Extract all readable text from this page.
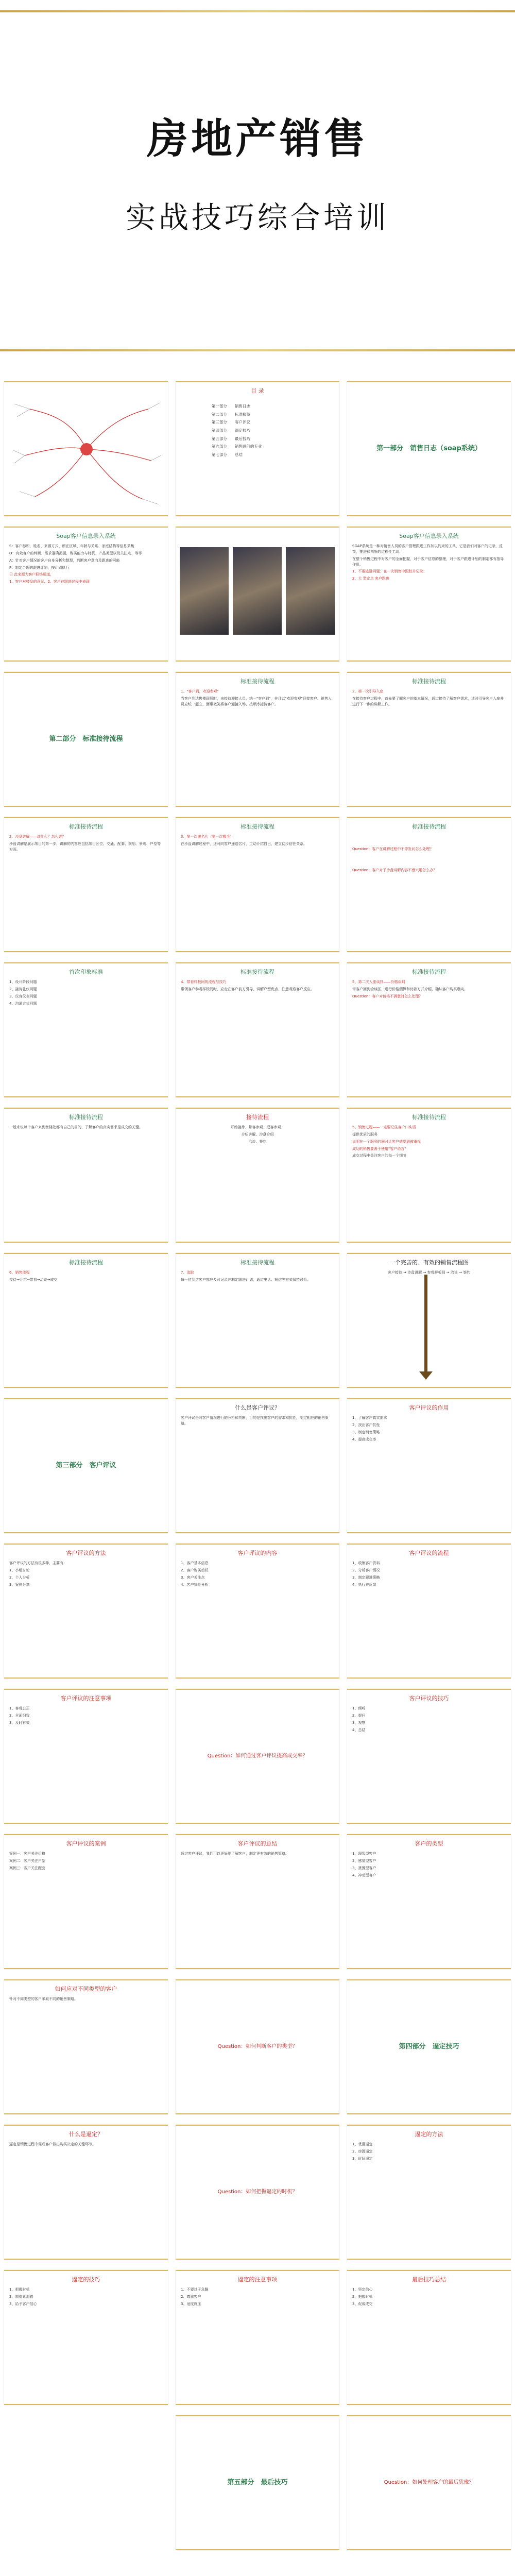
房地产销售
实战技巧综合培训
目 录

第一部分　　销售日志

第二部分　　标准接待

第三部分　　客户评议

第四部分　　逼定技巧

第五部分　　最后技巧

第六部分　　销售顾问的专业

第七部分　　总结

第一部分　销售日志（soap系统）
Soap客户信息录入系统

S：客户标识，姓名、来源方式、所在区域、年龄与关系、家庭结构等信息采集

O：有效客户的判断、需求准确把握，购买能力与时机、产品类型以及关注点、等等

A：针对客户情况的客户自身分析和整理，判断客户意向及跟进的可能

P：制定合理的跟进计划，按计划执行

日 此来源为客户联络通道，

1、客户对楼盘的意见、2、客户在跟进过程中表现

Soap客户信息录入系统

SOAP系统是一种对销售人员的客户管理跟进工作加以约束的工具，它是我们对客户的记录，反馈，推进和判断的过程性工具；

在整个销售过程中对客户的全面把握，对于客户信息的整理，对于客户跟进计划的制定都有指导作用。

1、不要逃避问题；在一次销售中跟踪并记录；

2、大 型定点 客户跟进

第二部分　标准接待流程
标准接待流程

1、"客户到，欢迎参观"

当客户到达售楼现场时，由接待迎接人员，统一"客户到"，并且以"欢迎参观"迎接客户。销售人员应统一起立，面带微笑将客户迎接入场，按顺序接待客户。

标准接待流程

2、第一次引导入座

在接待客户过程中，首先要了解客户的基本情况，通过接待了解客户需求，适时引导客户入座并进行下一步的讲解工作。

标准接待流程

2、沙盘讲解——讲什么？怎么讲？

沙盘讲解是展示项目的第一步，讲解的内容应包括项目区位、交通、配套、规划、景观、户型等方面。

标准接待流程

3、第一次递名片（第一次握手）

在沙盘讲解过程中，适时向客户递送名片，主动介绍自己，建立初步信任关系。

标准接待流程

Question：客户在讲解过程中不停发问怎么处理？

Question：客户对于沙盘讲解内容不感兴趣怎么办？

首次印象标准

1、设计阶段问题

2、接待礼仪问题

3、仪容仪表问题

4、沟通方式问题

标准接待流程

4、带看样板间的流程与技巧

带领客户参观样板间时，应走在客户前方引导，讲解户型优点，注意观察客户反应。

标准接待流程

5、第二次入座谈判——价格谈判

带客户回到洽谈区，进行价格测算和付款方式介绍，确认客户购买意向。

Question：客户对价格不满意时怎么处理？

标准接待流程

一般来说每个客户来到售楼处都有自己的目的，了解客户的真实需求是成交的关键。

接待流程

开始接待、带客参观、逛客参观、

介绍讲解、沙盘介绍

洽谈、签约

标准接待流程

5、销售过程——一定要记住客户口头语

提供优质的服务

说明在一个服务的同时让客户感觉到被重视

成功的销售要善于使用"客户语言"

成交过程中关注客户的每一个细节

标准接待流程

6、销售流程

接待→介绍→带看→洽谈→成交

标准接待流程

7、追踪

每一位到访客户都应及时记录并制定跟进计划，通过电话、短信等方式保持联系。

一个完善的、有效的销售流程图

客户接待 → 沙盘讲解 → 参观样板间 → 洽谈 → 签约

第三部分　客户评议
什么是客户评议？

客户评议是对客户情况进行的分析和判断，目的是找出客户的需求和抗性，制定相应的销售策略。

客户评议的作用

1、了解客户真实需求

2、找出客户抗性

3、制定销售策略

4、提高成交率

客户评议的方法

客户评议的方法有很多种，主要有：

1、小组讨论

2、个人分析

3、案例分享

客户评议的内容

1、客户基本信息

2、客户购买动机

3、客户关注点

4、客户抗性分析

客户评议的流程

1、收集客户资料

2、分析客户情况

3、制定跟进策略

4、执行并反馈

客户评议的注意事项

1、客观公正

2、全面细致

3、及时有效

Question：如何通过客户评议提高成交率？
客户评议的技巧

1、倾听

2、提问

3、观察

4、总结

客户评议的案例

案例一：客户关注价格

案例二：客户关注户型

案例三：客户关注配套

客户评议的总结

通过客户评议，我们可以更好地了解客户，制定更有效的销售策略。

客户的类型

1、理智型客户

2、感情型客户

3、犹豫型客户

4、冲动型客户

如何应对不同类型的客户

针对不同类型的客户采取不同的销售策略。

Question：如何判断客户的类型？	第四部分　逼定技巧
什么是逼定？

逼定是销售过程中促成客户做出购买决定的关键环节。

Question：如何把握逼定的时机？
逼定的方法

1、优惠逼定

2、房源逼定

3、时间逼定

逼定的技巧

1、把握时机

2、制造紧迫感

3、给予客户信心

逼定的注意事项

1、不要过于急躁

2、尊重客户

3、适度施压

最后技巧总结

1、坚定信心

2、把握时机

3、促成成交

第五部分　最后技巧	Question：如何处理客户的最后犹豫？
